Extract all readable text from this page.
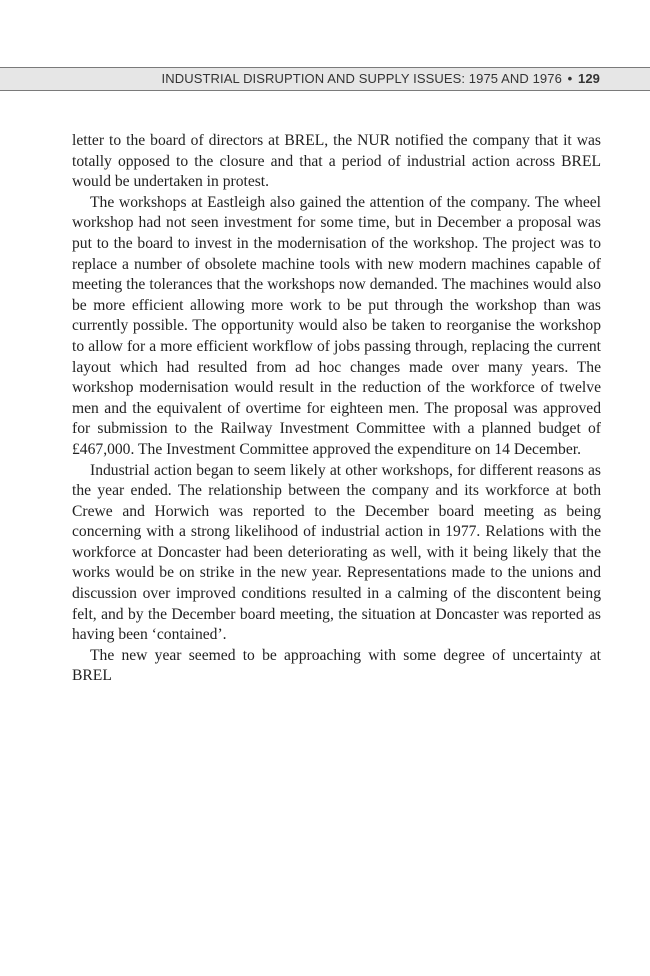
INDUSTRIAL DISRUPTION AND SUPPLY ISSUES: 1975 AND 1976 • 129

letter to the board of directors at BREL, the NUR notified the company that it was totally opposed to the closure and that a period of industrial action across BREL would be undertaken in protest.

The workshops at Eastleigh also gained the attention of the company. The wheel workshop had not seen investment for some time, but in December a proposal was put to the board to invest in the modernisation of the workshop. The project was to replace a number of obsolete machine tools with new modern machines capable of meeting the tolerances that the workshops now demanded. The machines would also be more efficient allowing more work to be put through the workshop than was currently possible. The opportunity would also be taken to reorganise the workshop to allow for a more efficient workflow of jobs passing through, replacing the current layout which had resulted from ad hoc changes made over many years. The workshop modernisation would result in the reduction of the workforce of twelve men and the equivalent of overtime for eighteen men. The proposal was approved for submission to the Railway Investment Committee with a planned budget of £467,000. The Investment Committee approved the expenditure on 14 December.

Industrial action began to seem likely at other workshops, for different reasons as the year ended. The relationship between the company and its workforce at both Crewe and Horwich was reported to the December board meeting as being concerning with a strong likelihood of industrial action in 1977. Relations with the workforce at Doncaster had been deteriorating as well, with it being likely that the works would be on strike in the new year. Representations made to the unions and discussion over improved conditions resulted in a calming of the discontent being felt, and by the December board meeting, the situation at Doncaster was reported as having been ‘contained’.

The new year seemed to be approaching with some degree of uncertainty at BREL
